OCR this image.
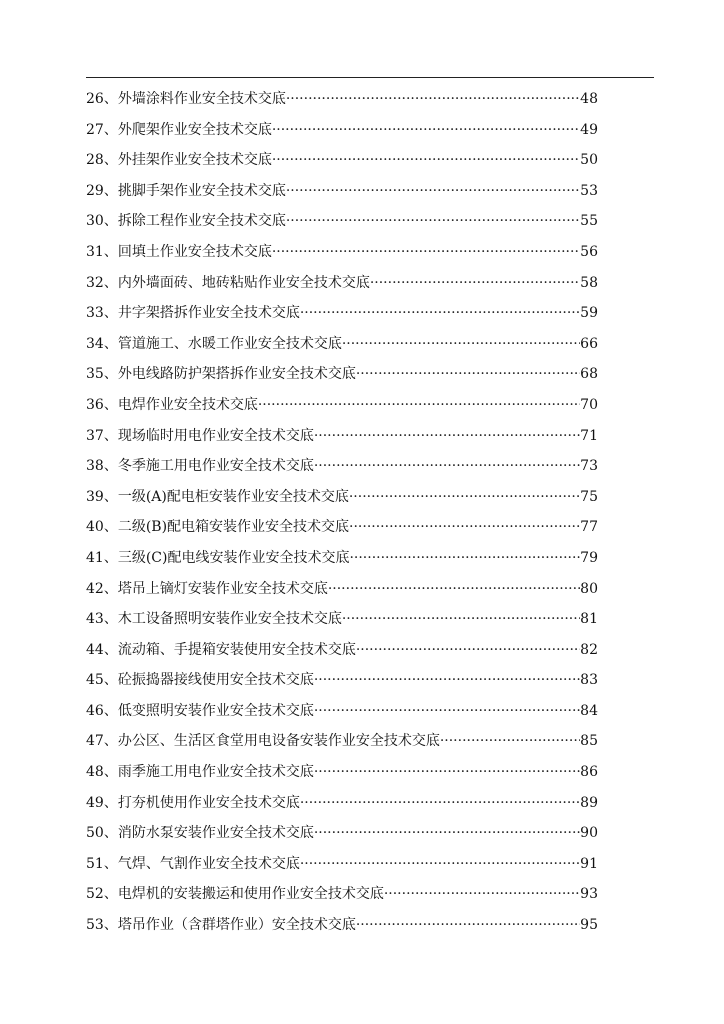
26、外墙涂料作业安全技术交底 ·····	48
27、外爬架作业安全技术交底 ·····	49
28、外挂架作业安全技术交底 ·····	50
29、挑脚手架作业安全技术交底 ·····	53
30、拆除工程作业安全技术交底 ·····	55
31、回填土作业安全技术交底 ·····	56
32、内外墙面砖、地砖粘贴作业安全技术交底 ·····	58
33、井字架搭拆作业安全技术交底 ·····	59
34、管道施工、水暖工作业安全技术交底 ·····	66
35、外电线路防护架搭拆作业安全技术交底 ·····	68
36、电焊作业安全技术交底 ·····	70
37、现场临时用电作业安全技术交底 ·····	71
38、冬季施工用电作业安全技术交底 ·····	73
39、一级(A)配电柜安装作业安全技术交底 ·····	75
40、二级(B)配电箱安装作业安全技术交底 ·····	77
41、三级(C)配电线安装作业安全技术交底 ·····	79
42、塔吊上镝灯安装作业安全技术交底 ·····	80
43、木工设备照明安装作业安全技术交底 ·····	81
44、流动箱、手提箱安装使用安全技术交底 ·····	82
45、砼振捣器接线使用安全技术交底 ·····	83
46、低变照明安装作业安全技术交底 ·····	84
47、办公区、生活区食堂用电设备安装作业安全技术交底 ·····	85
48、雨季施工用电作业安全技术交底 ·····	86
49、打夯机使用作业安全技术交底 ·····	89
50、消防水泵安装作业安全技术交底 ·····	90
51、气焊、气割作业安全技术交底 ·····	91
52、电焊机的安装搬运和使用作业安全技术交底 ·····	93
53、塔吊作业（含群塔作业）安全技术交底 ·····	95
